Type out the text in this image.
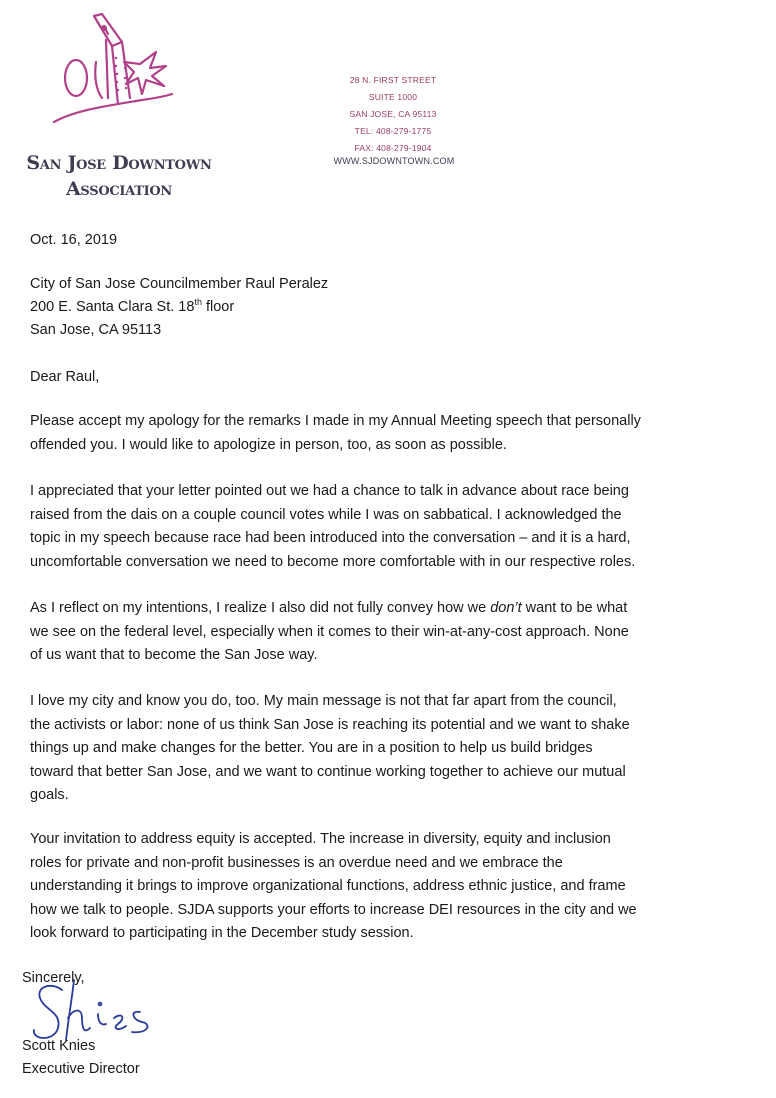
San Jose Downtown
Association
28 N. FIRST STREET
SUITE 1000
SAN JOSE, CA 95113
TEL: 408-279-1775
FAX: 408-279-1904
WWW.SJDOWNTOWN.COM
Oct. 16, 2019
City of San Jose Councilmember Raul Peralez
200 E. Santa Clara St. 18th floor
San Jose, CA 95113
Dear Raul,
Please accept my apology for the remarks I made in my Annual Meeting speech that personally
offended you. I would like to apologize in person, too, as soon as possible.
I appreciated that your letter pointed out we had a chance to talk in advance about race being
raised from the dais on a couple council votes while I was on sabbatical. I acknowledged the
topic in my speech because race had been introduced into the conversation – and it is a hard,
uncomfortable conversation we need to become more comfortable with in our respective roles.
As I reflect on my intentions, I realize I also did not fully convey how we don’t want to be what
we see on the federal level, especially when it comes to their win-at-any-cost approach. None
of us want that to become the San Jose way.
I love my city and know you do, too. My main message is not that far apart from the council,
the activists or labor: none of us think San Jose is reaching its potential and we want to shake
things up and make changes for the better. You are in a position to help us build bridges
toward that better San Jose, and we want to continue working together to achieve our mutual
goals.
Your invitation to address equity is accepted. The increase in diversity, equity and inclusion
roles for private and non-profit businesses is an overdue need and we embrace the
understanding it brings to improve organizational functions, address ethnic justice, and frame
how we talk to people. SJDA supports your efforts to increase DEI resources in the city and we
look forward to participating in the December study session.
Sincerely,
Scott Knies
Executive Director
